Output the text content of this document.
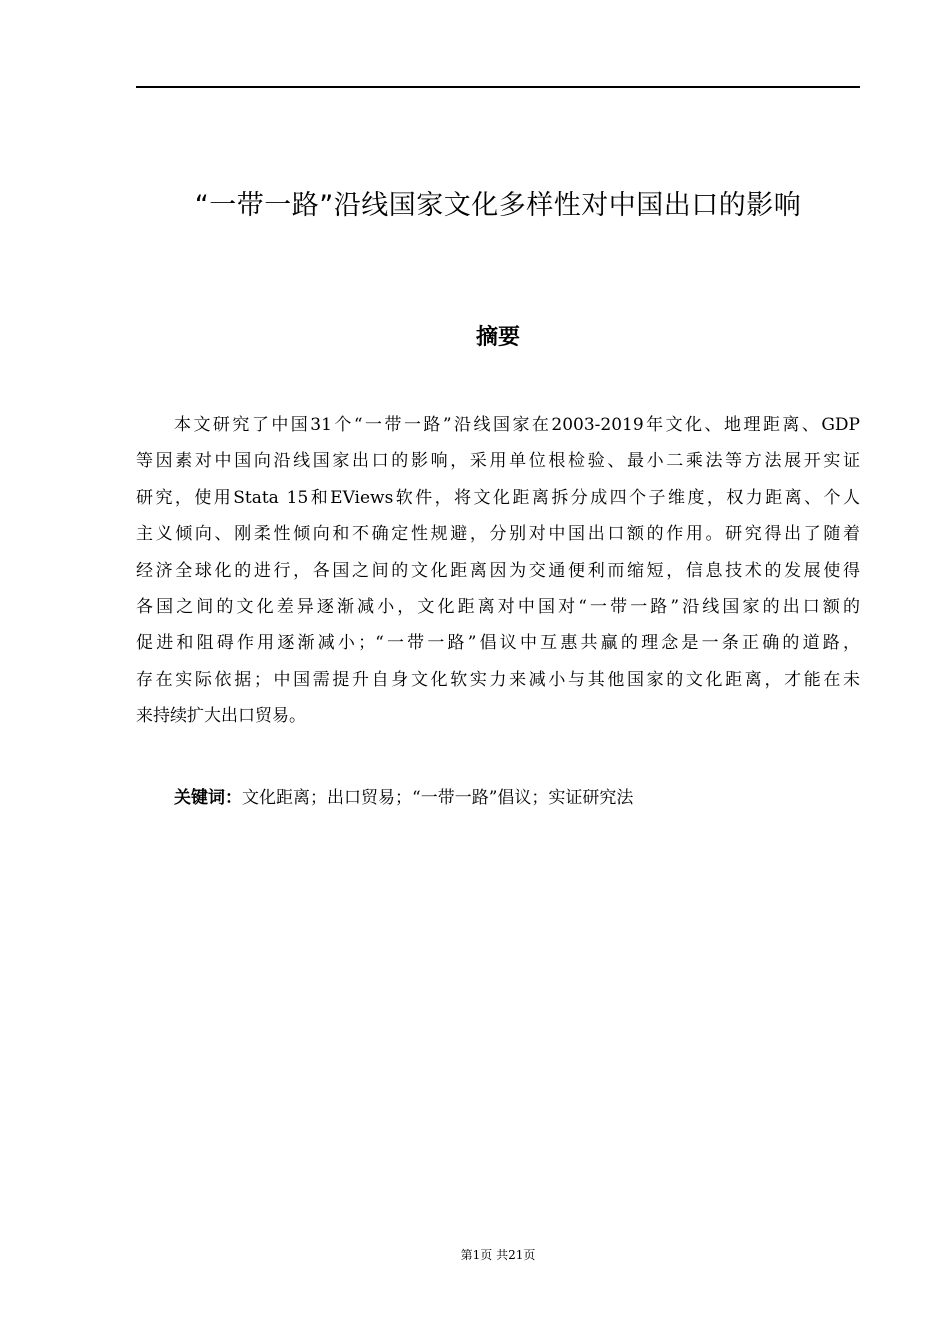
“一带一路”沿线国家文化多样性对中国出口的影响
摘要
本文研究了中国31个“一带一路”沿线国家在2003-2019年文化、地理距离、GDP
等因素对中国向沿线国家出口的影响，采用单位根检验、最小二乘法等方法展开实证
研究，使用Stata 15和EViews软件，将文化距离拆分成四个子维度，权力距离、个人
主义倾向、刚柔性倾向和不确定性规避，分别对中国出口额的作用。研究得出了随着
经济全球化的进行，各国之间的文化距离因为交通便利而缩短，信息技术的发展使得
各国之间的文化差异逐渐减小，文化距离对中国对“一带一路”沿线国家的出口额的
促进和阻碍作用逐渐减小；“一带一路”倡议中互惠共赢的理念是一条正确的道路，
存在实际依据；中国需提升自身文化软实力来减小与其他国家的文化距离，才能在未
来持续扩大出口贸易。
关键词：文化距离；出口贸易；“一带一路”倡议；实证研究法
第1页 共21页
